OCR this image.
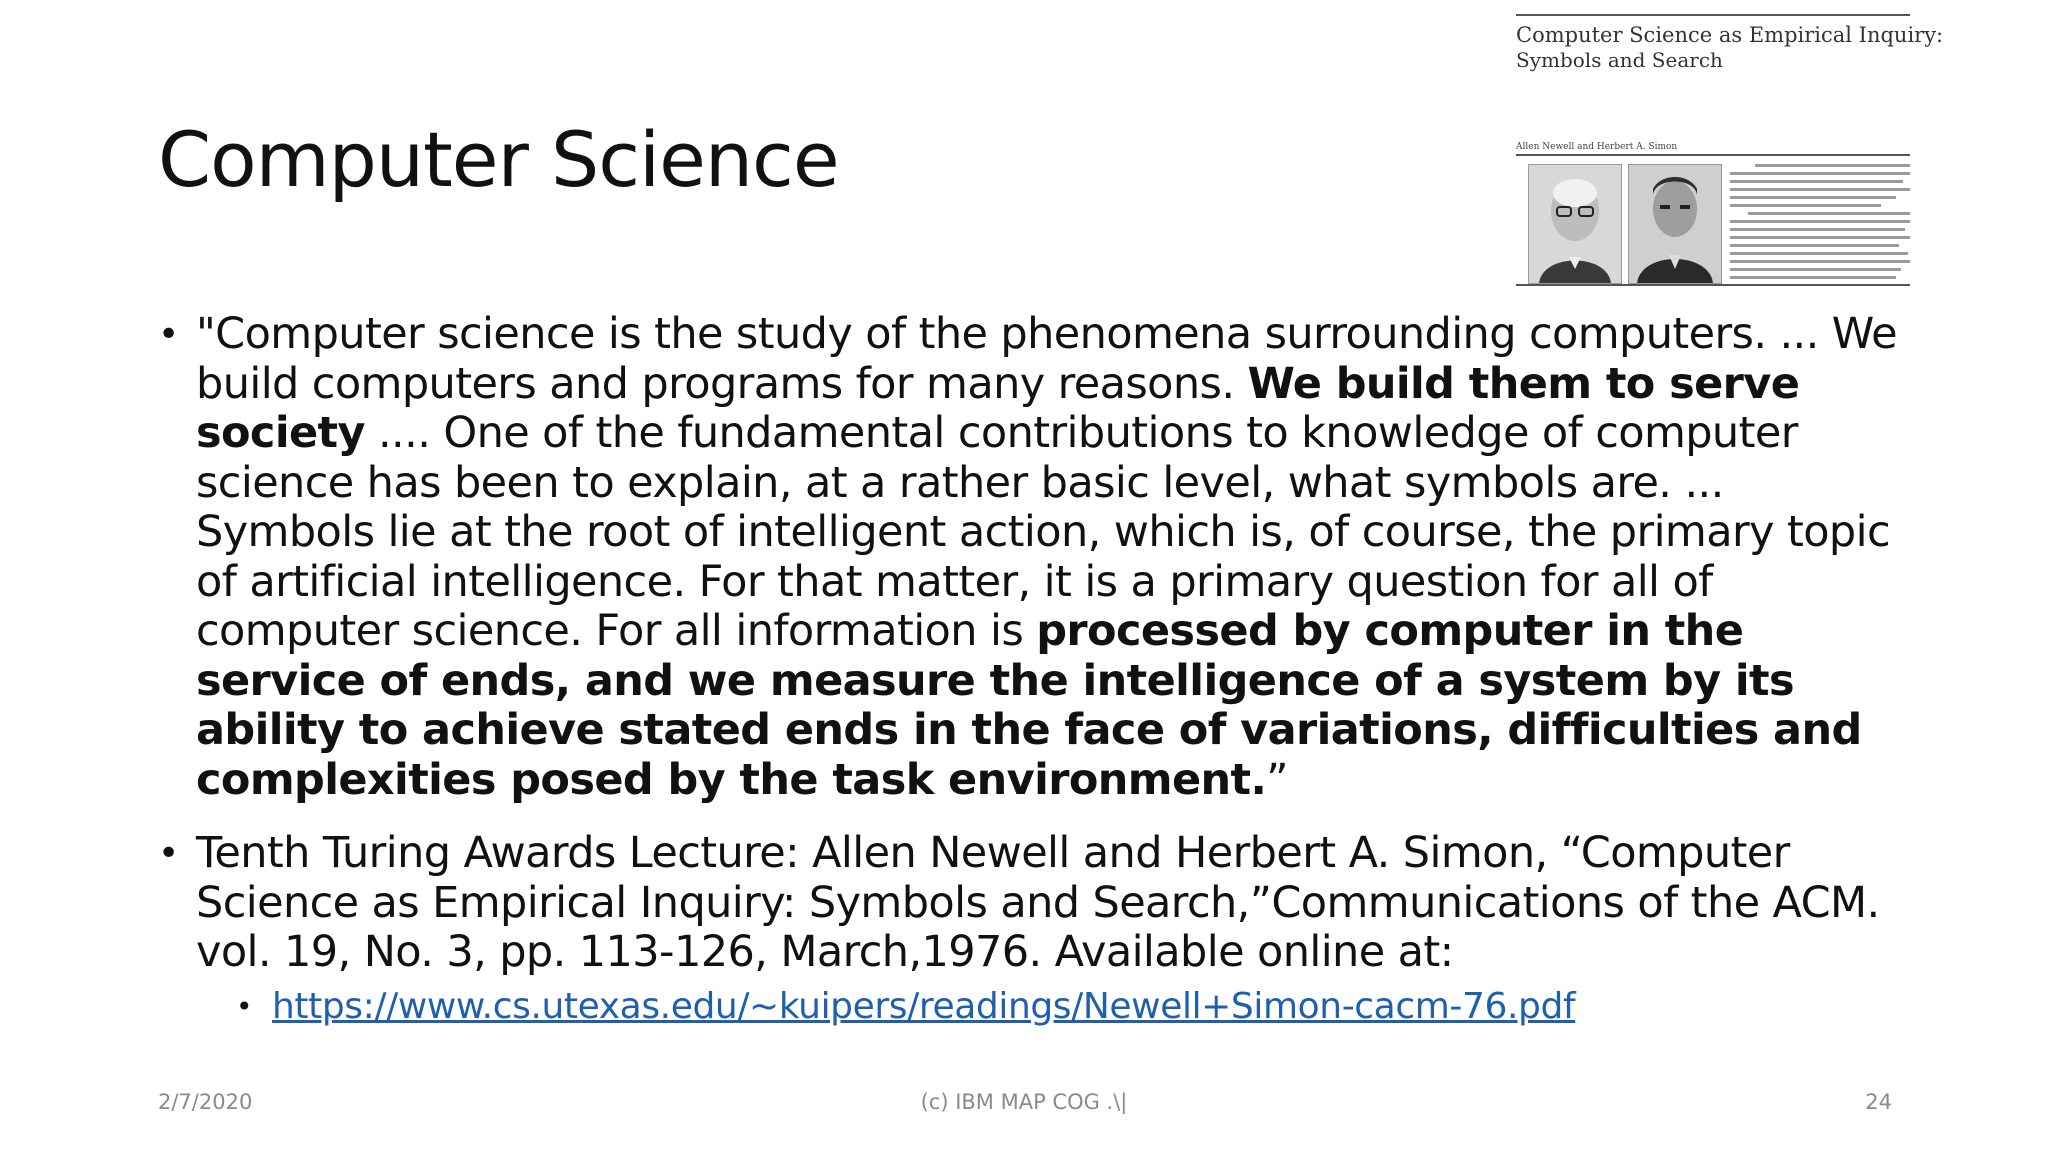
Computer Science
Computer Science as Empirical Inquiry:
Symbols and Search
Allen Newell and Herbert A. Simon
• "Computer science is the study of the phenomena surrounding computers. ... We build computers and programs for many reasons. We build them to serve society .... One of the fundamental contributions to knowledge of computer science has been to explain, at a rather basic level, what symbols are. ... Symbols lie at the root of intelligent action, which is, of course, the primary topic of artificial intelligence. For that matter, it is a primary question for all of computer science. For all information is processed by computer in the service of ends, and we measure the intelligence of a system by its ability to achieve stated ends in the face of variations, difficulties and complexities posed by the task environment.”
• Tenth Turing Awards Lecture: Allen Newell and Herbert A. Simon, “Computer Science as Empirical Inquiry: Symbols and Search,”Communications of the ACM. vol. 19, No. 3, pp. 113-126, March,1976. Available online at:
• https://www.cs.utexas.edu/~kuipers/readings/Newell+Simon-cacm-76.pdf
2/7/2020	(c) IBM MAP COG .\|	24
